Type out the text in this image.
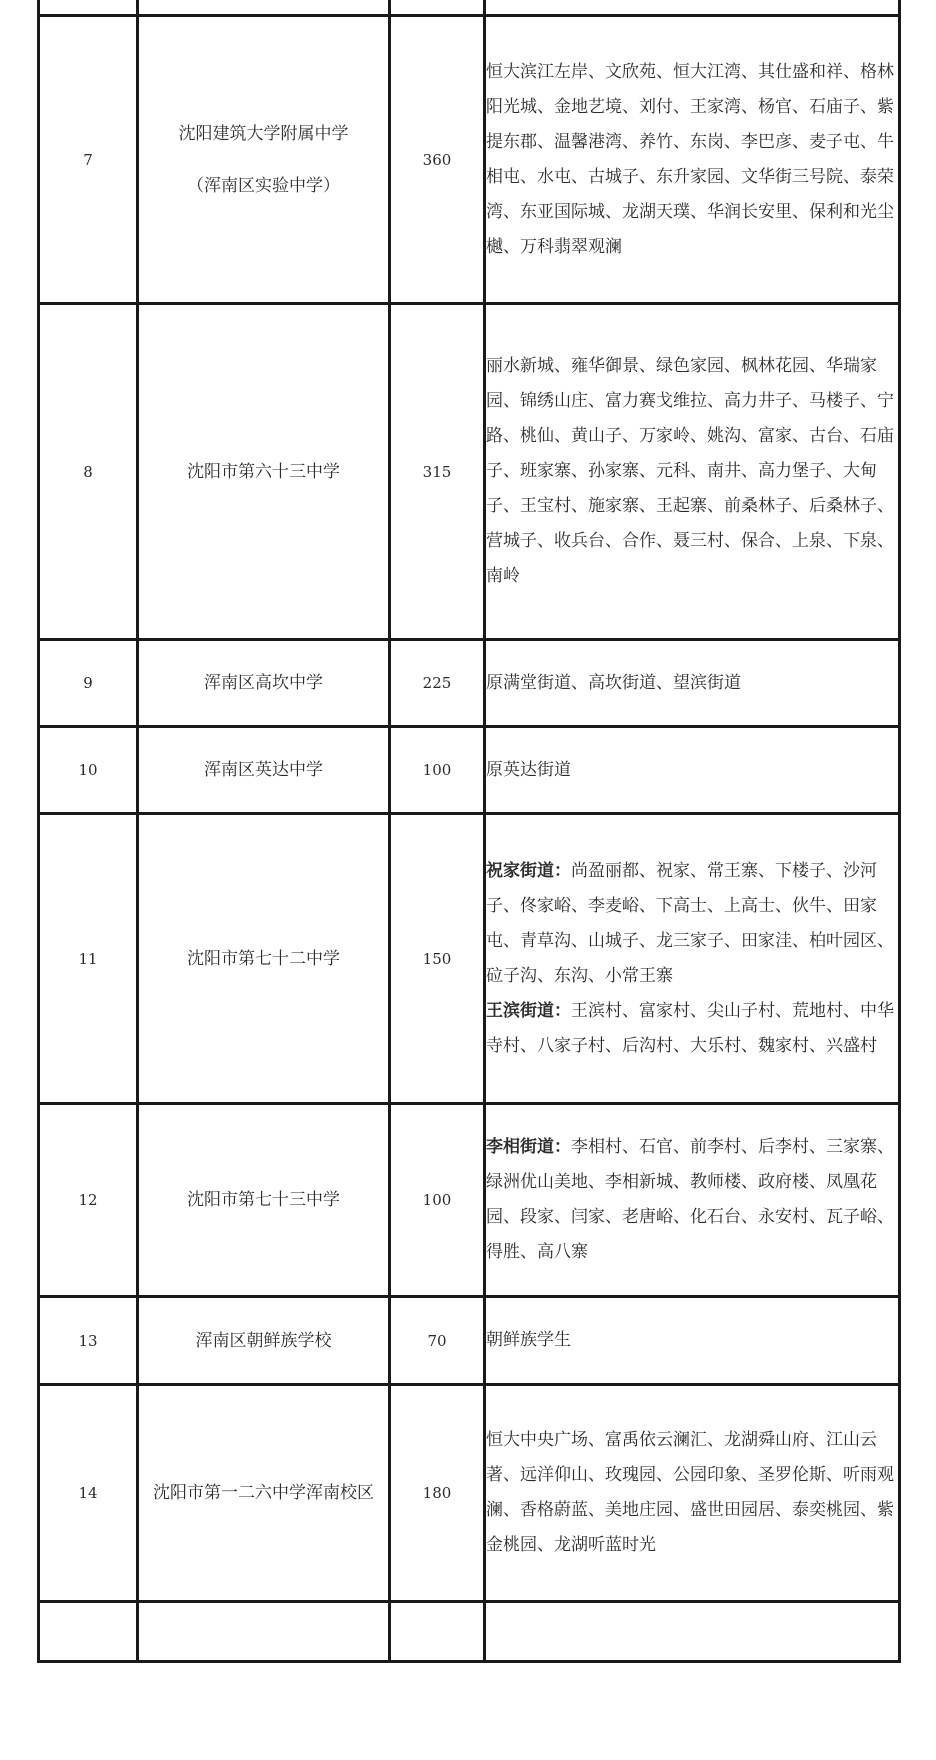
7	沈阳建筑大学附属中学
（浑南区实验中学）	360	恒大滨江左岸、文欣苑、恒大江湾、其仕盛和祥、格林阳光城、金地艺境、刘付、王家湾、杨官、石庙子、紫提东郡、温馨港湾、养竹、东岗、李巴彦、麦子屯、牛相屯、水屯、古城子、东升家园、文华街三号院、泰荣湾、东亚国际城、龙湖天璞、华润长安里、保利和光尘樾、万科翡翠观澜

8	沈阳市第六十三中学	315	丽水新城、雍华御景、绿色家园、枫林花园、华瑞家园、锦绣山庄、富力赛戈维拉、高力井子、马楼子、宁路、桃仙、黄山子、万家岭、姚沟、富家、古台、石庙子、班家寨、孙家寨、元科、南井、高力堡子、大甸子、王宝村、施家寨、王起寨、前桑林子、后桑林子、营城子、收兵台、合作、聂三村、保合、上泉、下泉、南岭

9	浑南区高坎中学	225	原满堂街道、高坎街道、望滨街道

10	浑南区英达中学	100	原英达街道

11	沈阳市第七十二中学	150	祝家街道：尚盈丽都、祝家、常王寨、下楼子、沙河子、佟家峪、李麦峪、下高士、上高士、伙牛、田家屯、青草沟、山城子、龙三家子、田家洼、柏叶园区、砬子沟、东沟、小常王寨
王滨街道：王滨村、富家村、尖山子村、荒地村、中华寺村、八家子村、后沟村、大乐村、魏家村、兴盛村

12	沈阳市第七十三中学	100	李相街道：李相村、石官、前李村、后李村、三家寨、绿洲优山美地、李相新城、教师楼、政府楼、凤凰花园、段家、闫家、老唐峪、化石台、永安村、瓦子峪、得胜、高八寨

13	浑南区朝鲜族学校	70	朝鲜族学生

14	沈阳市第一二六中学浑南校区	180	恒大中央广场、富禹依云澜汇、龙湖舜山府、江山云著、远洋仰山、玫瑰园、公园印象、圣罗伦斯、听雨观澜、香格蔚蓝、美地庄园、盛世田园居、泰奕桃园、紫金桃园、龙湖听蓝时光
